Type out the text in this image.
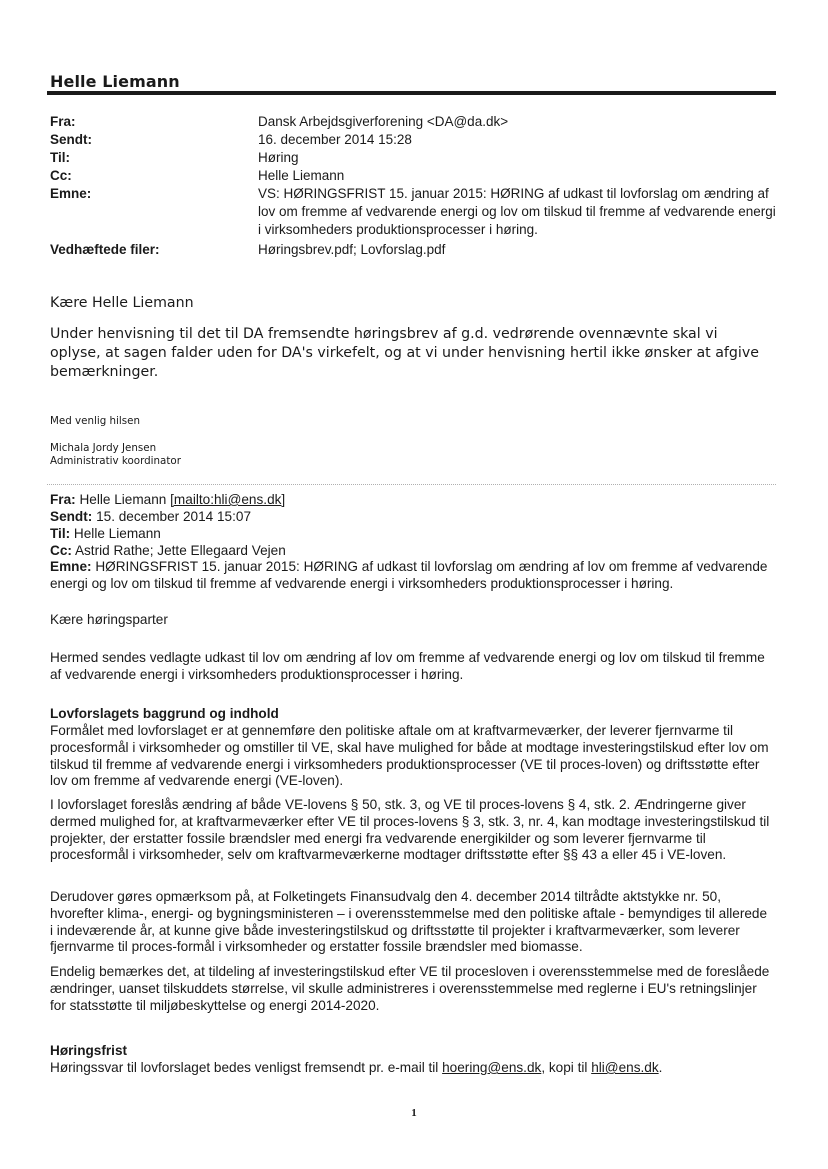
Helle Liemann
Fra:	Dansk Arbejdsgiverforening <DA@da.dk>
Sendt:	16. december 2014 15:28
Til:	Høring
Cc:	Helle Liemann
Emne:	VS: HØRINGSFRIST 15. januar 2015: HØRING af udkast til lovforslag om ændring af lov om fremme af vedvarende energi og lov om tilskud til fremme af vedvarende energi i virksomheders produktionsprocesser i høring.
Vedhæftede filer:	Høringsbrev.pdf; Lovforslag.pdf
Kære Helle Liemann
Under henvisning til det til DA fremsendte høringsbrev af g.d. vedrørende ovennævnte skal vi oplyse, at sagen falder uden for DA's virkefelt, og at vi under henvisning hertil ikke ønsker at afgive bemærkninger.
Med venlig hilsen
Michala Jordy Jensen
Administrativ koordinator
Fra: Helle Liemann [mailto:hli@ens.dk]
Sendt: 15. december 2014 15:07
Til: Helle Liemann
Cc: Astrid Rathe; Jette Ellegaard Vejen
Emne: HØRINGSFRIST 15. januar 2015: HØRING af udkast til lovforslag om ændring af lov om fremme af vedvarende energi og lov om tilskud til fremme af vedvarende energi i virksomheders produktionsprocesser i høring.
Kære høringsparter
Hermed sendes vedlagte udkast til lov om ændring af lov om fremme af vedvarende energi og lov om tilskud til fremme af vedvarende energi i virksomheders produktionsprocesser i høring.
Lovforslagets baggrund og indhold
Formålet med lovforslaget er at gennemføre den politiske aftale om at kraftvarmeværker, der leverer fjernvarme til procesformål i virksomheder og omstiller til VE, skal have mulighed for både at modtage investeringstilskud efter lov om tilskud til fremme af vedvarende energi i virksomheders produktionsprocesser (VE til proces-loven) og driftsstøtte efter lov om fremme af vedvarende energi (VE-loven).
I lovforslaget foreslås ændring af både VE-lovens § 50, stk. 3, og VE til proces-lovens § 4, stk. 2. Ændringerne giver dermed mulighed for, at kraftvarmeværker efter VE til proces-lovens § 3, stk. 3, nr. 4, kan modtage investeringstilskud til projekter, der erstatter fossile brændsler med energi fra vedvarende energikilder og som leverer fjernvarme til procesformål i virksomheder, selv om kraftvarmeværkerne modtager driftsstøtte efter §§ 43 a eller 45 i VE-loven.
Derudover gøres opmærksom på, at Folketingets Finansudvalg den 4. december 2014 tiltrådte aktstykke nr. 50, hvorefter klima-, energi- og bygningsministeren – i overensstemmelse med den politiske aftale - bemyndiges til allerede i indeværende år, at kunne give både investeringstilskud og driftsstøtte til projekter i kraftvarmeværker, som leverer fjernvarme til proces-formål i virksomheder og erstatter fossile brændsler med biomasse.
Endelig bemærkes det, at tildeling af investeringstilskud efter VE til procesloven i overensstemmelse med de foreslåede ændringer, uanset tilskuddets størrelse, vil skulle administreres i overensstemmelse med reglerne i EU's retningslinjer for statsstøtte til miljøbeskyttelse og energi 2014-2020.
Høringsfrist
Høringssvar til lovforslaget bedes venligst fremsendt pr. e-mail til hoering@ens.dk, kopi til hli@ens.dk.
1
